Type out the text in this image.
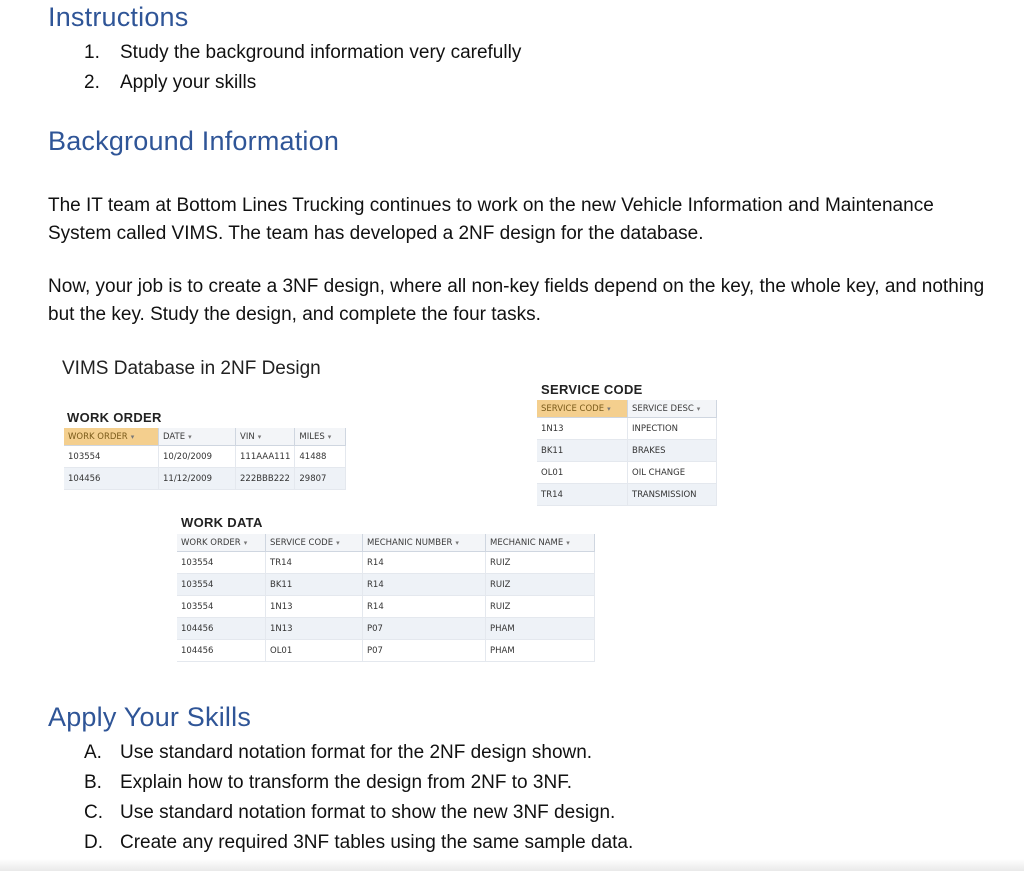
Instructions
1. Study the background information very carefully
2. Apply your skills
Background Information

The IT team at Bottom Lines Trucking continues to work on the new Vehicle Information and Maintenance System called VIMS. The team has developed a 2NF design for the database.

Now, your job is to create a 3NF design, where all non-key fields depend on the key, the whole key, and nothing but the key. Study the design, and complete the four tasks.

VIMS Database in 2NF Design

WORK ORDER

WORK ORDER ▾	DATE ▾	VIN ▾	MILES ▾
103554	10/20/2009	111AAA111	41488
104456	11/12/2009	222BBB222	29807

SERVICE CODE

SERVICE CODE ▾	SERVICE DESC ▾
1N13	INPECTION
BK11	BRAKES
OL01	OIL CHANGE
TR14	TRANSMISSION

WORK DATA

WORK ORDER ▾	SERVICE CODE ▾	MECHANIC NUMBER ▾	MECHANIC NAME ▾
103554	TR14	R14	RUIZ
103554	BK11	R14	RUIZ
103554	1N13	R14	RUIZ
104456	1N13	P07	PHAM
104456	OL01	P07	PHAM
Apply Your Skills
A. Use standard notation format for the 2NF design shown.
B. Explain how to transform the design from 2NF to 3NF.
C. Use standard notation format to show the new 3NF design.
D. Create any required 3NF tables using the same sample data.
